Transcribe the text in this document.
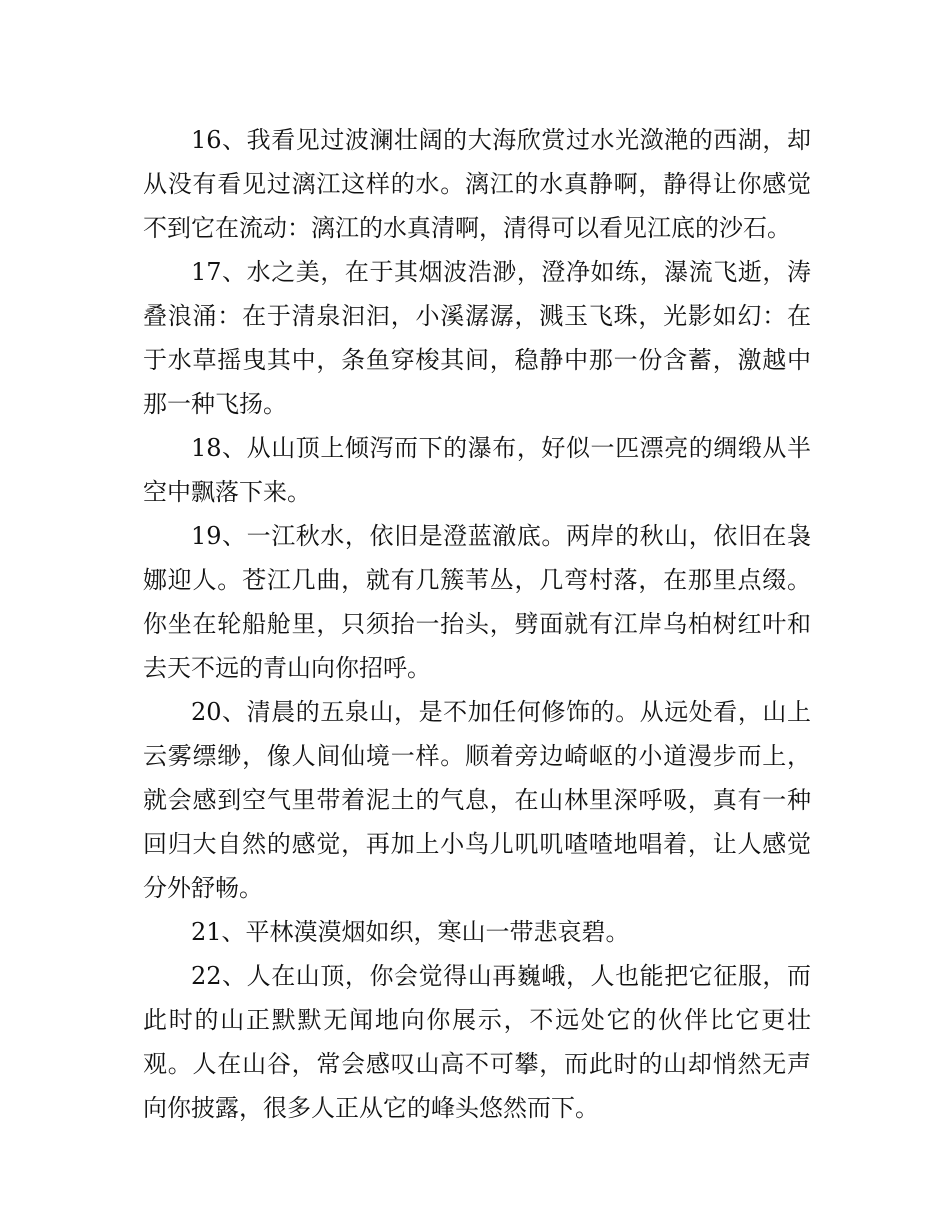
16、我看见过波澜壮阔的大海欣赏过水光潋滟的西湖，却
从没有看见过漓江这样的水。漓江的水真静啊，静得让你感觉
不到它在流动：漓江的水真清啊，清得可以看见江底的沙石。
17、水之美，在于其烟波浩渺，澄净如练，瀑流飞逝，涛
叠浪涌：在于清泉汩汩，小溪潺潺，溅玉飞珠，光影如幻：在
于水草摇曳其中，条鱼穿梭其间，稳静中那一份含蓄，激越中
那一种飞扬。
18、从山顶上倾泻而下的瀑布，好似一匹漂亮的绸缎从半
空中飘落下来。
19、一江秋水，依旧是澄蓝澈底。两岸的秋山，依旧在袅
娜迎人。苍江几曲，就有几簇苇丛，几弯村落，在那里点缀。
你坐在轮船舱里，只须抬一抬头，劈面就有江岸乌柏树红叶和
去天不远的青山向你招呼。
20、清晨的五泉山，是不加任何修饰的。从远处看，山上
云雾缥缈，像人间仙境一样。顺着旁边崎岖的小道漫步而上，
就会感到空气里带着泥土的气息，在山林里深呼吸，真有一种
回归大自然的感觉，再加上小鸟儿叽叽喳喳地唱着，让人感觉
分外舒畅。
21、平林漠漠烟如织，寒山一带悲哀碧。
22、人在山顶，你会觉得山再巍峨，人也能把它征服，而
此时的山正默默无闻地向你展示，不远处它的伙伴比它更壮
观。人在山谷，常会感叹山高不可攀，而此时的山却悄然无声
向你披露，很多人正从它的峰头悠然而下。
